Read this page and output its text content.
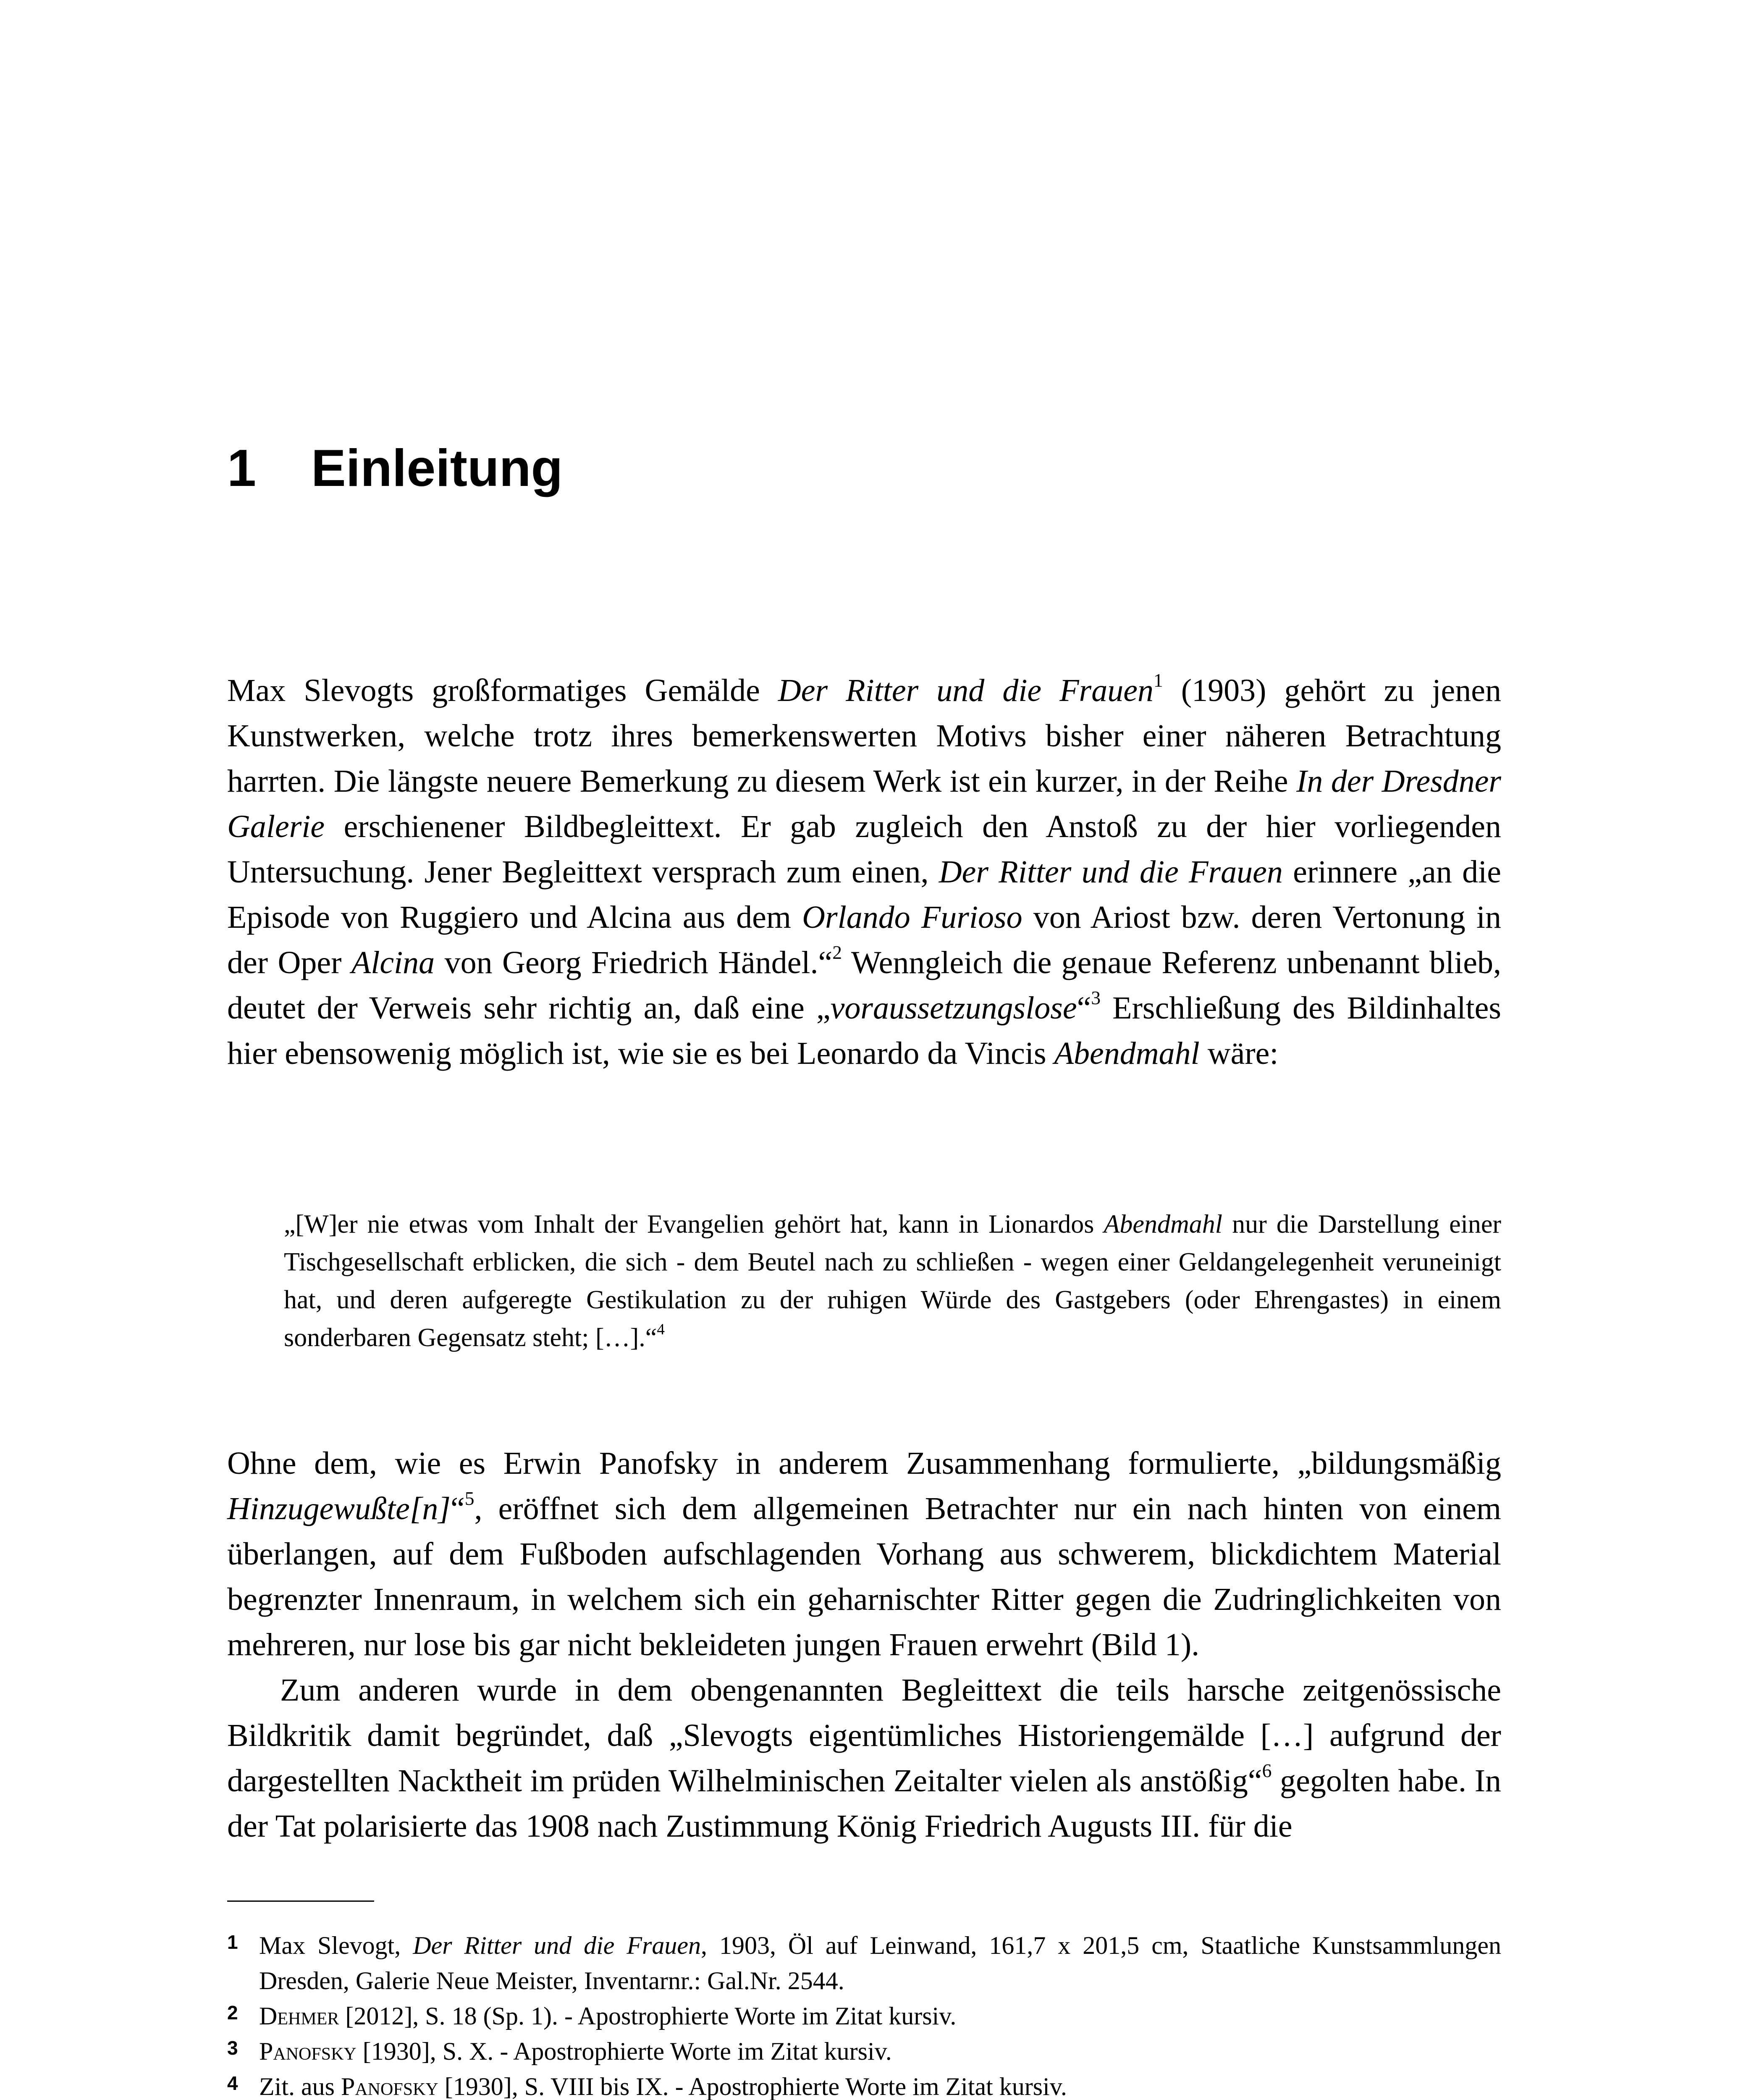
1 Einleitung

Max Slevogts großformatiges Gemälde Der Ritter und die Frauen$^1$ (1903) gehört zu jenen Kunstwerken, welche trotz ihres bemerkenswerten Motivs bisher einer näheren Betrachtung harrten. Die längste neuere Bemerkung zu diesem Werk ist ein kurzer, in der Reihe In der Dresdner Galerie erschienener Bildbegleittext. Er gab zugleich den Anstoß zu der hier vorliegenden Untersuchung. Jener Begleittext versprach zum einen, Der Ritter und die Frauen erinnere „an die Episode von Ruggiero und Alcina aus dem Orlando Furioso von Ariost bzw. deren Vertonung in der Oper Alcina von Georg Friedrich Händel.“$^2$ Wenngleich die genaue Referenz unbenannt blieb, deutet der Verweis sehr richtig an, daß eine „voraussetzungslose“$^3$ Erschließung des Bildinhaltes hier ebensowenig möglich ist, wie sie es bei Leonardo da Vincis Abendmahl wäre:

„[W]er nie etwas vom Inhalt der Evangelien gehört hat, kann in Lionardos Abendmahl nur die Darstellung einer Tischgesellschaft erblicken, die sich - dem Beutel nach zu schließen - wegen einer Geldangelegenheit veruneinigt hat, und deren aufgeregte Gestikulation zu der ruhigen Würde des Gastgebers (oder Ehrengastes) in einem sonderbaren Gegensatz steht; […].“$^4$

Ohne dem, wie es Erwin Panofsky in anderem Zusammenhang formulierte, „bildungsmäßig Hinzugewußte[n]“$^5$, eröffnet sich dem allgemeinen Betrachter nur ein nach hinten von einem überlangen, auf dem Fußboden aufschlagenden Vorhang aus schwerem, blickdichtem Material begrenzter Innenraum, in welchem sich ein geharnischter Ritter gegen die Zudringlichkeiten von mehreren, nur lose bis gar nicht bekleideten jungen Frauen erwehrt (Bild 1).

Zum anderen wurde in dem obengenannten Begleittext die teils harsche zeitgenössische Bildkritik damit begründet, daß „Slevogts eigentümliches Historiengemälde […] aufgrund der dargestellten Nacktheit im prüden Wilhelminischen Zeitalter vielen als anstößig“$^6$ gegolten habe. In der Tat polarisierte das 1908 nach Zustimmung König Friedrich Augusts III. für die

1 Max Slevogt, Der Ritter und die Frauen, 1903, Öl auf Leinwand, 161,7 x 201,5 cm, Staatliche Kunstsammlungen Dresden, Galerie Neue Meister, Inventarnr.: Gal.Nr. 2544.
2 Dehmer [2012], S. 18 (Sp. 1). - Apostrophierte Worte im Zitat kursiv.
3 Panofsky [1930], S. X. - Apostrophierte Worte im Zitat kursiv.
4 Zit. aus Panofsky [1930], S. VIII bis IX. - Apostrophierte Worte im Zitat kursiv.
